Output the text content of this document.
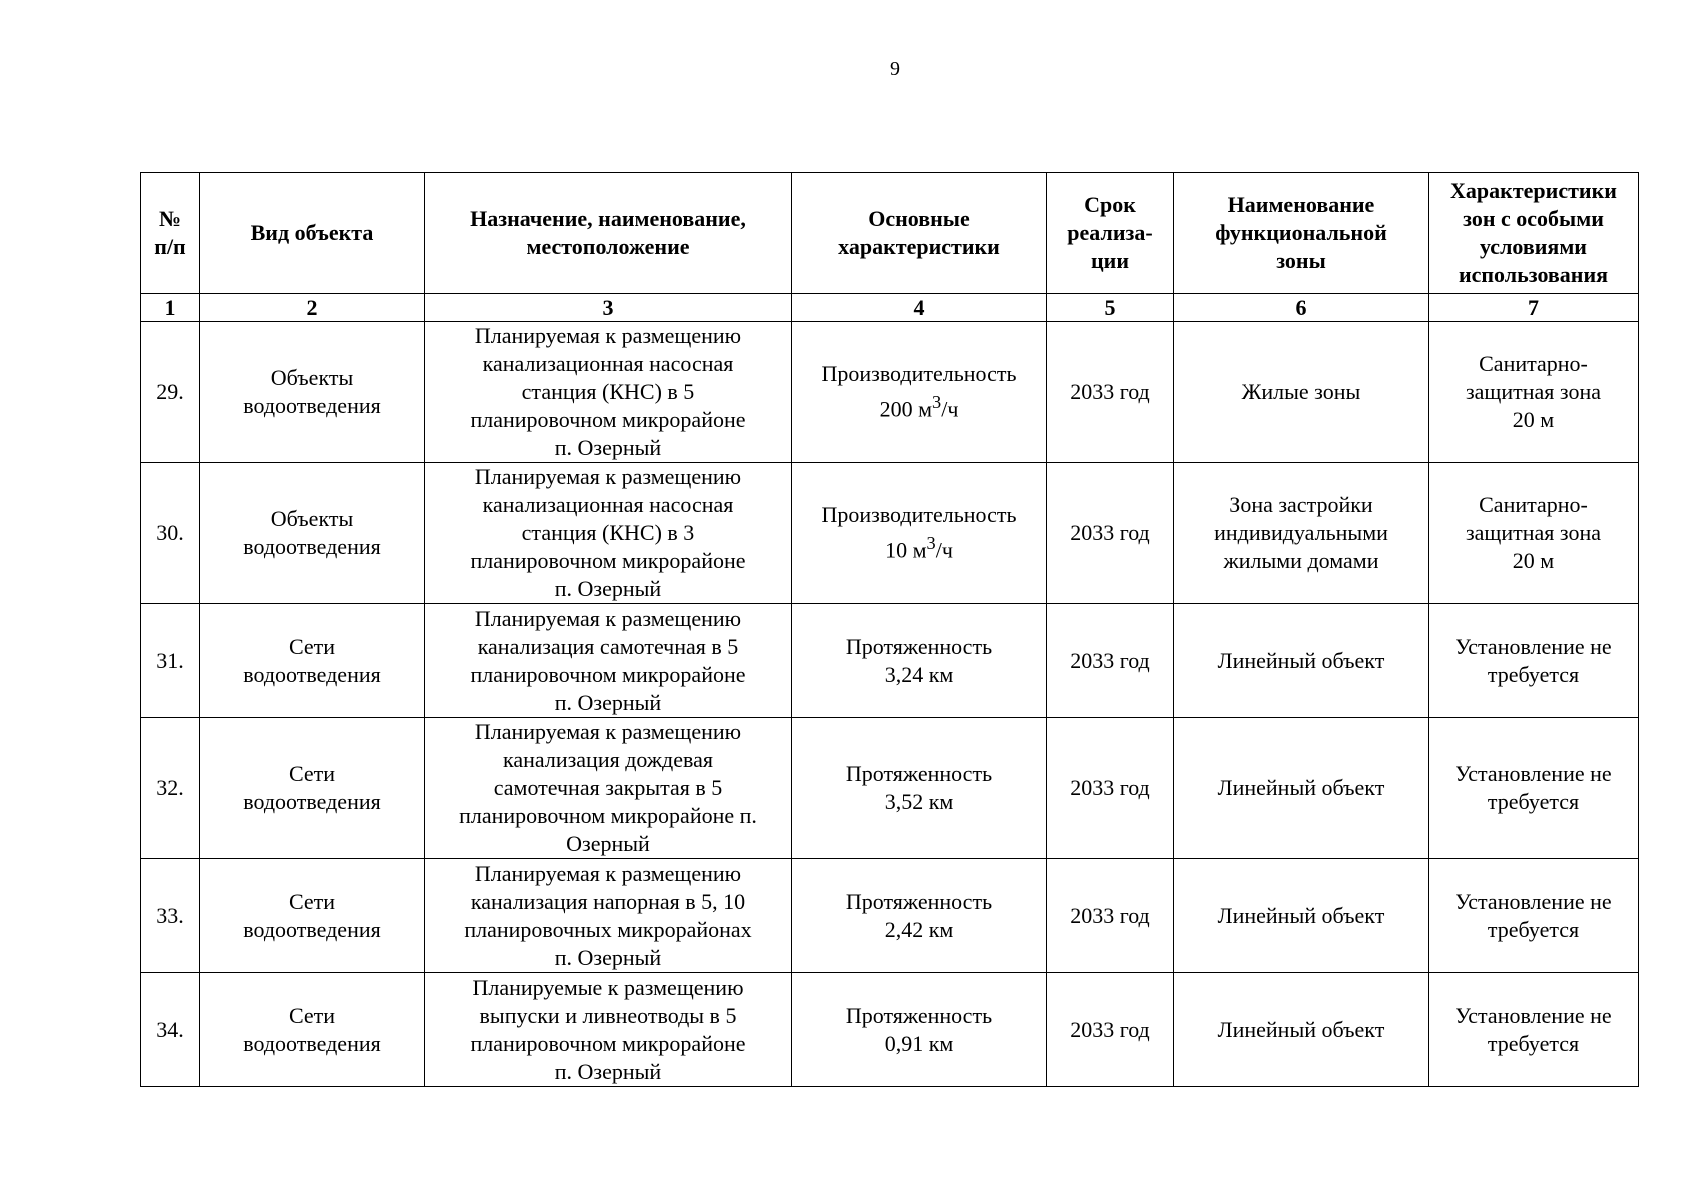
9
№
п/п	Вид объекта	Назначение, наименование,
местоположение	Основные
характеристики	Срок
реализа-
ции	Наименование
функциональной
зоны	Характеристики
зон с особыми
условиями
использования

1	2	3	4	5	6	7
29.	Объекты
водоотведения	Планируемая к размещению
канализационная насосная
станция (КНС) в 5
планировочном микрорайоне
п. Озерный	Производительность
200 $м^3/ч$	2033 год	Жилые зоны	Санитарно-
защитная зона
20 м

30.	Объекты
водоотведения	Планируемая к размещению
канализационная насосная
станция (КНС) в 3
планировочном микрорайоне
п. Озерный	Производительность
10 $м^3/ч$	2033 год	Зона застройки
индивидуальными
жилыми домами	Санитарно-
защитная зона
20 м

31.	Сети
водоотведения	Планируемая к размещению
канализация самотечная в 5
планировочном микрорайоне
п. Озерный	Протяженность
3,24 км	2033 год	Линейный объект	Установление не
требуется

32.	Сети
водоотведения	Планируемая к размещению
канализация дождевая
самотечная закрытая в 5
планировочном микрорайоне п.
Озерный	Протяженность
3,52 км	2033 год	Линейный объект	Установление не
требуется

33.	Сети
водоотведения	Планируемая к размещению
канализация напорная в 5, 10
планировочных микрорайонах
п. Озерный	Протяженность
2,42 км	2033 год	Линейный объект	Установление не
требуется

34.	Сети
водоотведения	Планируемые к размещению
выпуски и ливнеотводы в 5
планировочном микрорайоне
п. Озерный	Протяженность
0,91 км	2033 год	Линейный объект	Установление не
требуется
